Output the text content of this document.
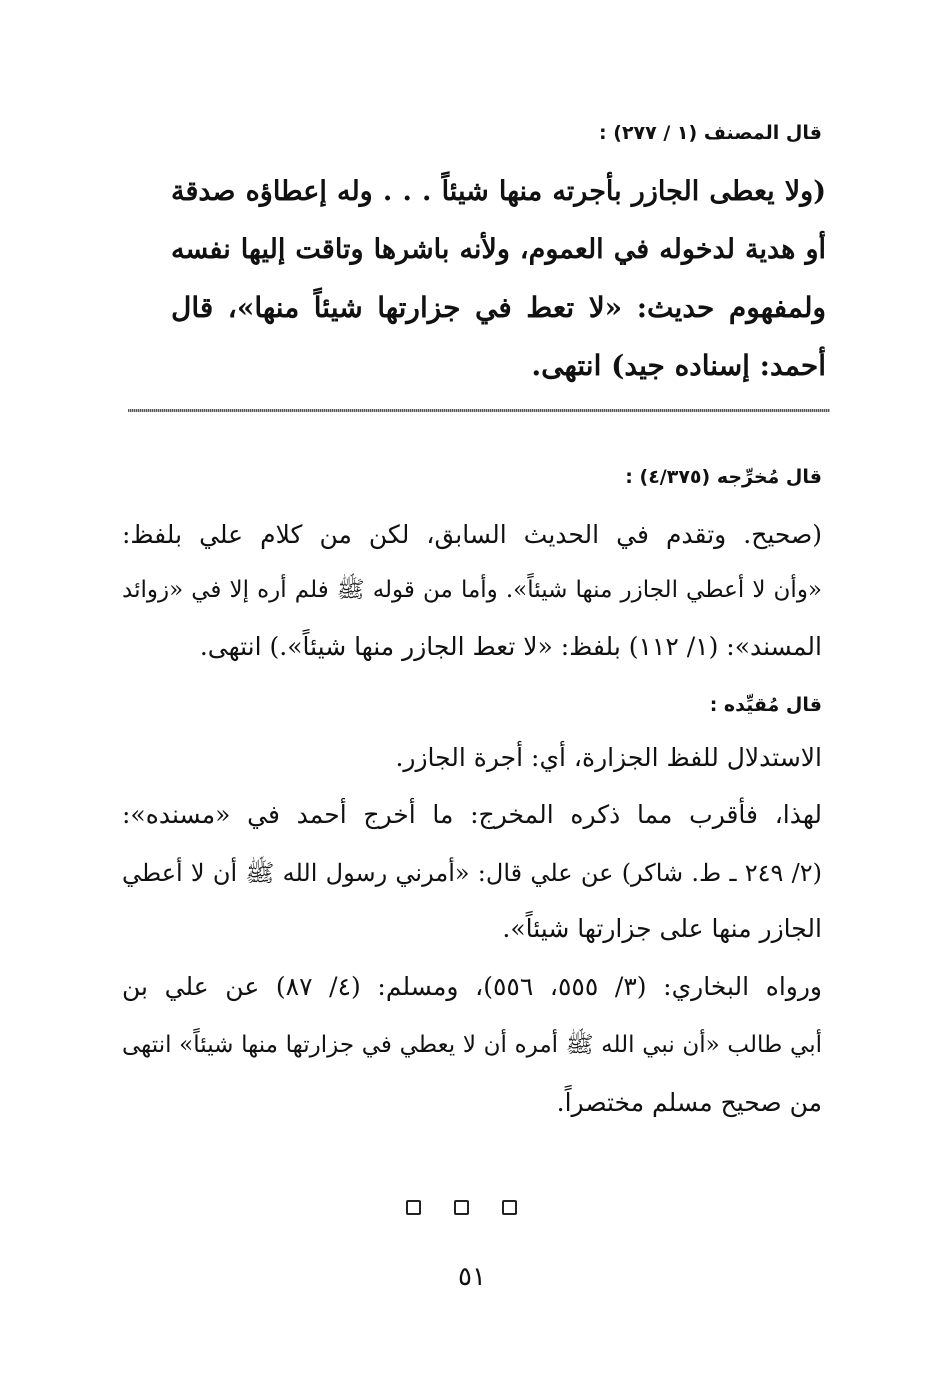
قال المصنف (١ / ٢٧٧) :
(ولا يعطى الجازر بأجرته منها شيئاً . . . وله إعطاؤه صدقة
أو هدية لدخوله في العموم، ولأنه باشرها وتاقت إليها نفسه
ولمفهوم حديث: «لا تعط في جزارتها شيئاً منها»، قال
أحمد: إسناده جيد) انتهى.
قال مُخرِّجه (٤/٣٧٥) :
(صحيح. وتقدم في الحديث السابق، لكن من كلام علي بلفظ:
«وأن لا أعطي الجازر منها شيئاً». وأما من قوله ﷺ فلم أره إلا في «زوائد
المسند»: (١/ ١١٢) بلفظ: «لا تعط الجازر منها شيئاً».) انتهى.
قال مُقيِّده :
الاستدلال للفظ الجزارة، أي: أجرة الجازر.
لهذا، فأقرب مما ذكره المخرج: ما أخرج أحمد في «مسنده»:
(٢/ ٢٤٩ ـ ط. شاكر) عن علي قال: «أمرني رسول الله ﷺ أن لا أعطي
الجازر منها على جزارتها شيئاً».
ورواه البخاري: (٣/ ٥٥٥، ٥٥٦)، ومسلم: (٤/ ٨٧) عن علي بن
أبي طالب «أن نبي الله ﷺ أمره أن لا يعطي في جزارتها منها شيئاً» انتهى
من صحيح مسلم مختصراً.
٥١
